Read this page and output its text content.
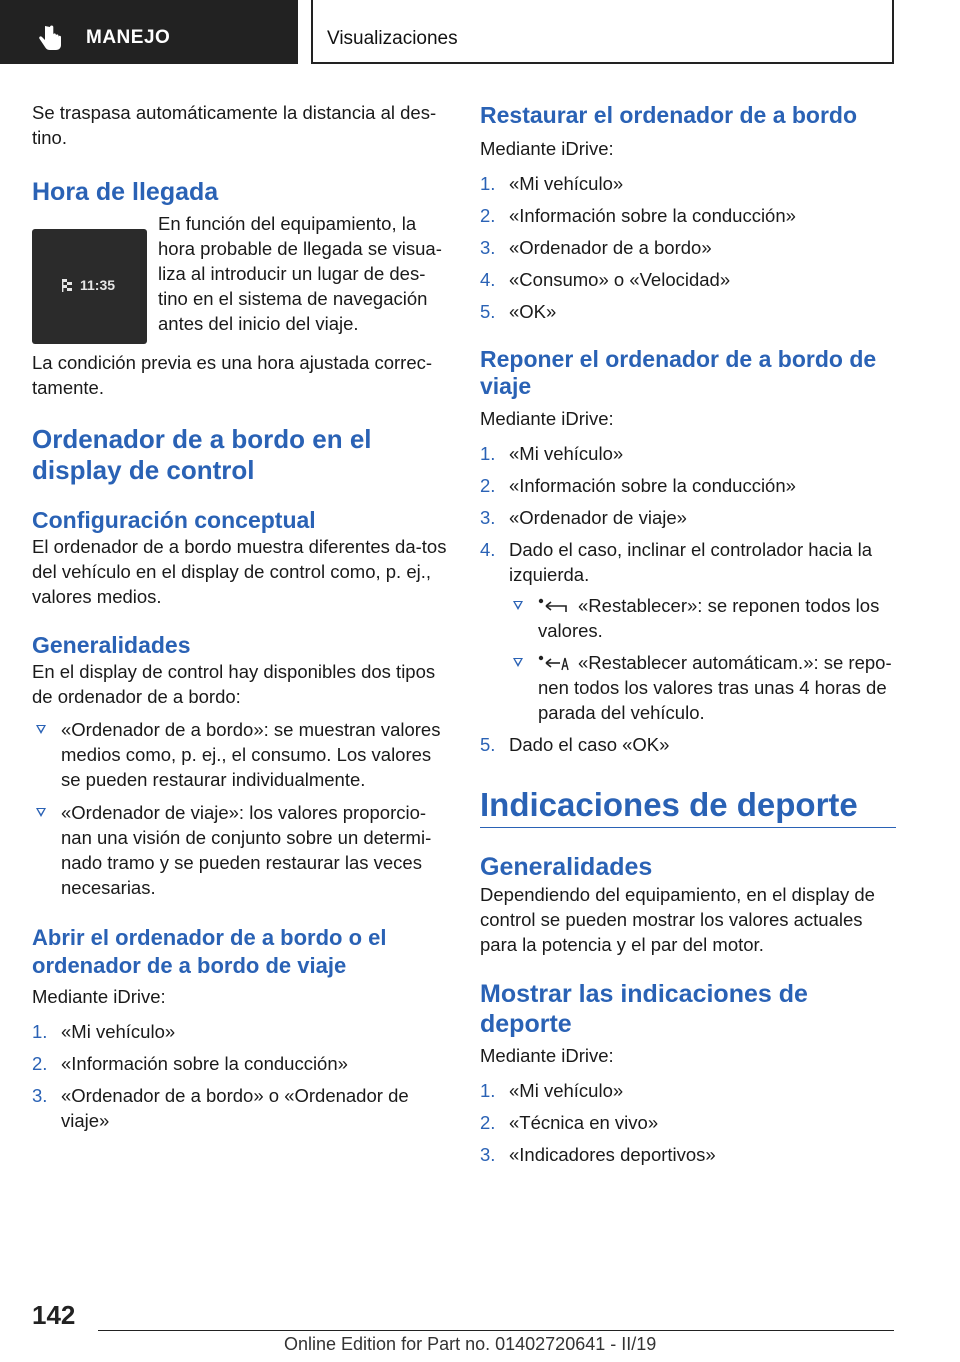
MANEJO	Visualizaciones

Se traspasa automáticamente la distancia al des-tino.

Hora de llegada
11:35

En función del equipamiento, la hora probable de llegada se visua-liza al introducir un lugar de des-tino en el sistema de navegación antes del inicio del viaje.

La condición previa es una hora ajustada correc-tamente.

Ordenador de a bordo en el display de control
Configuración conceptual

El ordenador de a bordo muestra diferentes da-tos del vehículo en el display de control como, p. ej., valores medios.

Generalidades

En el display de control hay disponibles dos tipos de ordenador de a bordo:

«Ordenador de a bordo»: se muestran valores medios como, p. ej., el consumo. Los valores se pueden restaurar individualmente.
«Ordenador de viaje»: los valores proporcio-nan una visión de conjunto sobre un determi-nado tramo y se pueden restaurar las veces necesarias.
Abrir el ordenador de a bordo o el ordenador de a bordo de viaje

Mediante iDrive:

1. «Mi vehículo»
2. «Información sobre la conducción»
3. «Ordenador de a bordo» o «Ordenador de viaje»
Restaurar el ordenador de a bordo

Mediante iDrive:

1. «Mi vehículo»
2. «Información sobre la conducción»
3. «Ordenador de a bordo»
4. «Consumo» o «Velocidad»
5. «OK»
Reponer el ordenador de a bordo de viaje

Mediante iDrive:

1. «Mi vehículo»
2. «Información sobre la conducción»
3. «Ordenador de viaje»
4. Dado el caso, inclinar el controlador hacia la izquierda.
«Restablecer»: se reponen todos los valores.
«Restablecer automáticam.»: se repo-nen todos los valores tras unas 4 horas de parada del vehículo.
5. Dado el caso «OK»
Indicaciones de deporte
Generalidades

Dependiendo del equipamiento, en el display de control se pueden mostrar los valores actuales para la potencia y el par del motor.

Mostrar las indicaciones de deporte

Mediante iDrive:

1. «Mi vehículo»
2. «Técnica en vivo»
3. «Indicadores deportivos»
142
Online Edition for Part no. 01402720641 - II/19
